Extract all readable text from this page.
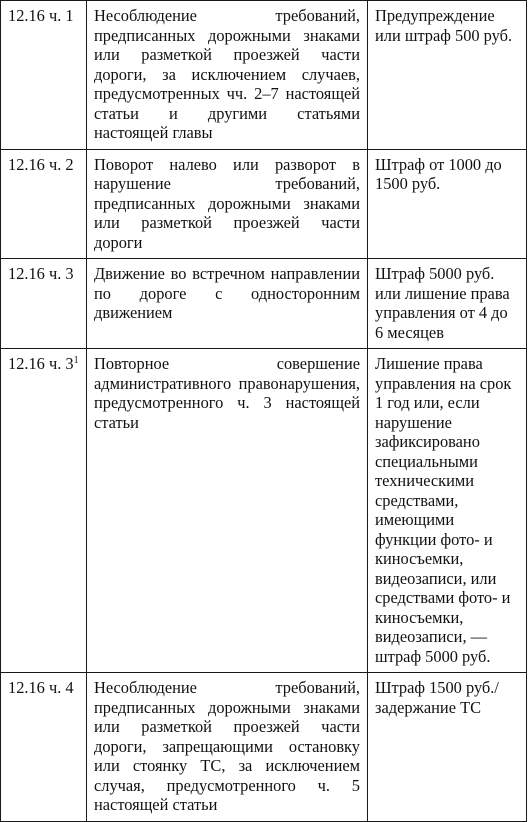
12.16 ч. 1	Несоблюдение требований, предписанных дорожными знаками или разметкой проезжей части дороги, за исключением случаев, предусмотренных чч. 2–7 настоящей статьи и другими статьями настоящей главы	Предупреждение или штраф 500 руб.
12.16 ч. 2	Поворот налево или разворот в нарушение требований, предписанных дорожными знаками или разметкой проезжей части дороги	Штраф от 1000 до 1500 руб.
12.16 ч. 3	Движение во встречном направлении по дороге с односторонним движением	Штраф 5000 руб. или лишение права управления от 4 до 6 месяцев
12.16 ч. $3^1$	Повторное совершение административного правонарушения, предусмотренного ч. 3 настоящей статьи	Лишение права управления на срок 1 год или, если нарушение зафиксировано специальными техническими средствами, имеющими функции фото- и киносъемки, видеозаписи, или средствами фото- и киносъемки, видеозаписи, — штраф 5000 руб.
12.16 ч. 4	Несоблюдение требований, предписанных дорожными знаками или разметкой проезжей части дороги, запрещающими остановку или стоянку ТС, за исключением случая, предусмотренного ч. 5 настоящей статьи	Штраф 1500 руб./ задержание ТС
